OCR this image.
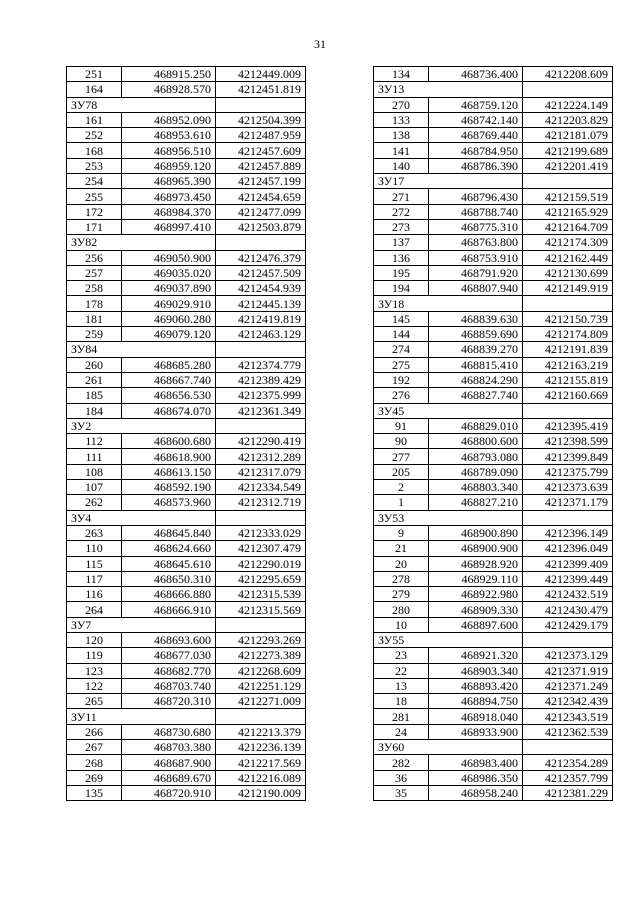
31
251	468915.250	4212449.009
164	468928.570	4212451.819
ЗУ78		
161	468952.090	4212504.399
252	468953.610	4212487.959
168	468956.510	4212457.609
253	468959.120	4212457.889
254	468965.390	4212457.199
255	468973.450	4212454.659
172	468984.370	4212477.099
171	468997.410	4212503.879
ЗУ82		
256	469050.900	4212476.379
257	469035.020	4212457.509
258	469037.890	4212454.939
178	469029.910	4212445.139
181	469060.280	4212419.819
259	469079.120	4212463.129
ЗУ84		
260	468685.280	4212374.779
261	468667.740	4212389.429
185	468656.530	4212375.999
184	468674.070	4212361.349
ЗУ2		
112	468600.680	4212290.419
111	468618.900	4212312.289
108	468613.150	4212317.079
107	468592.190	4212334.549
262	468573.960	4212312.719
ЗУ4		
263	468645.840	4212333.029
110	468624.660	4212307.479
115	468645.610	4212290.019
117	468650.310	4212295.659
116	468666.880	4212315.539
264	468666.910	4212315.569
ЗУ7		
120	468693.600	4212293.269
119	468677.030	4212273.389
123	468682.770	4212268.609
122	468703.740	4212251.129
265	468720.310	4212271.009
ЗУ11		
266	468730.680	4212213.379
267	468703.380	4212236.139
268	468687.900	4212217.569
269	468689.670	4212216.089
135	468720.910	4212190.009
134	468736.400	4212208.609
ЗУ13		
270	468759.120	4212224.149
133	468742.140	4212203.829
138	468769.440	4212181.079
141	468784.950	4212199.689
140	468786.390	4212201.419
ЗУ17		
271	468796.430	4212159.519
272	468788.740	4212165.929
273	468775.310	4212164.709
137	468763.800	4212174.309
136	468753.910	4212162.449
195	468791.920	4212130.699
194	468807.940	4212149.919
ЗУ18		
145	468839.630	4212150.739
144	468859.690	4212174.809
274	468839.270	4212191.839
275	468815.410	4212163.219
192	468824.290	4212155.819
276	468827.740	4212160.669
ЗУ45		
91	468829.010	4212395.419
90	468800.600	4212398.599
277	468793.080	4212399.849
205	468789.090	4212375.799
2	468803.340	4212373.639
1	468827.210	4212371.179
ЗУ53		
9	468900.890	4212396.149
21	468900.900	4212396.049
20	468928.920	4212399.409
278	468929.110	4212399.449
279	468922.980	4212432.519
280	468909.330	4212430.479
10	468897.600	4212429.179
ЗУ55		
23	468921.320	4212373.129
22	468903.340	4212371.919
13	468893.420	4212371.249
18	468894.750	4212342.439
281	468918.040	4212343.519
24	468933.900	4212362.539
ЗУ60		
282	468983.400	4212354.289
36	468986.350	4212357.799
35	468958.240	4212381.229
